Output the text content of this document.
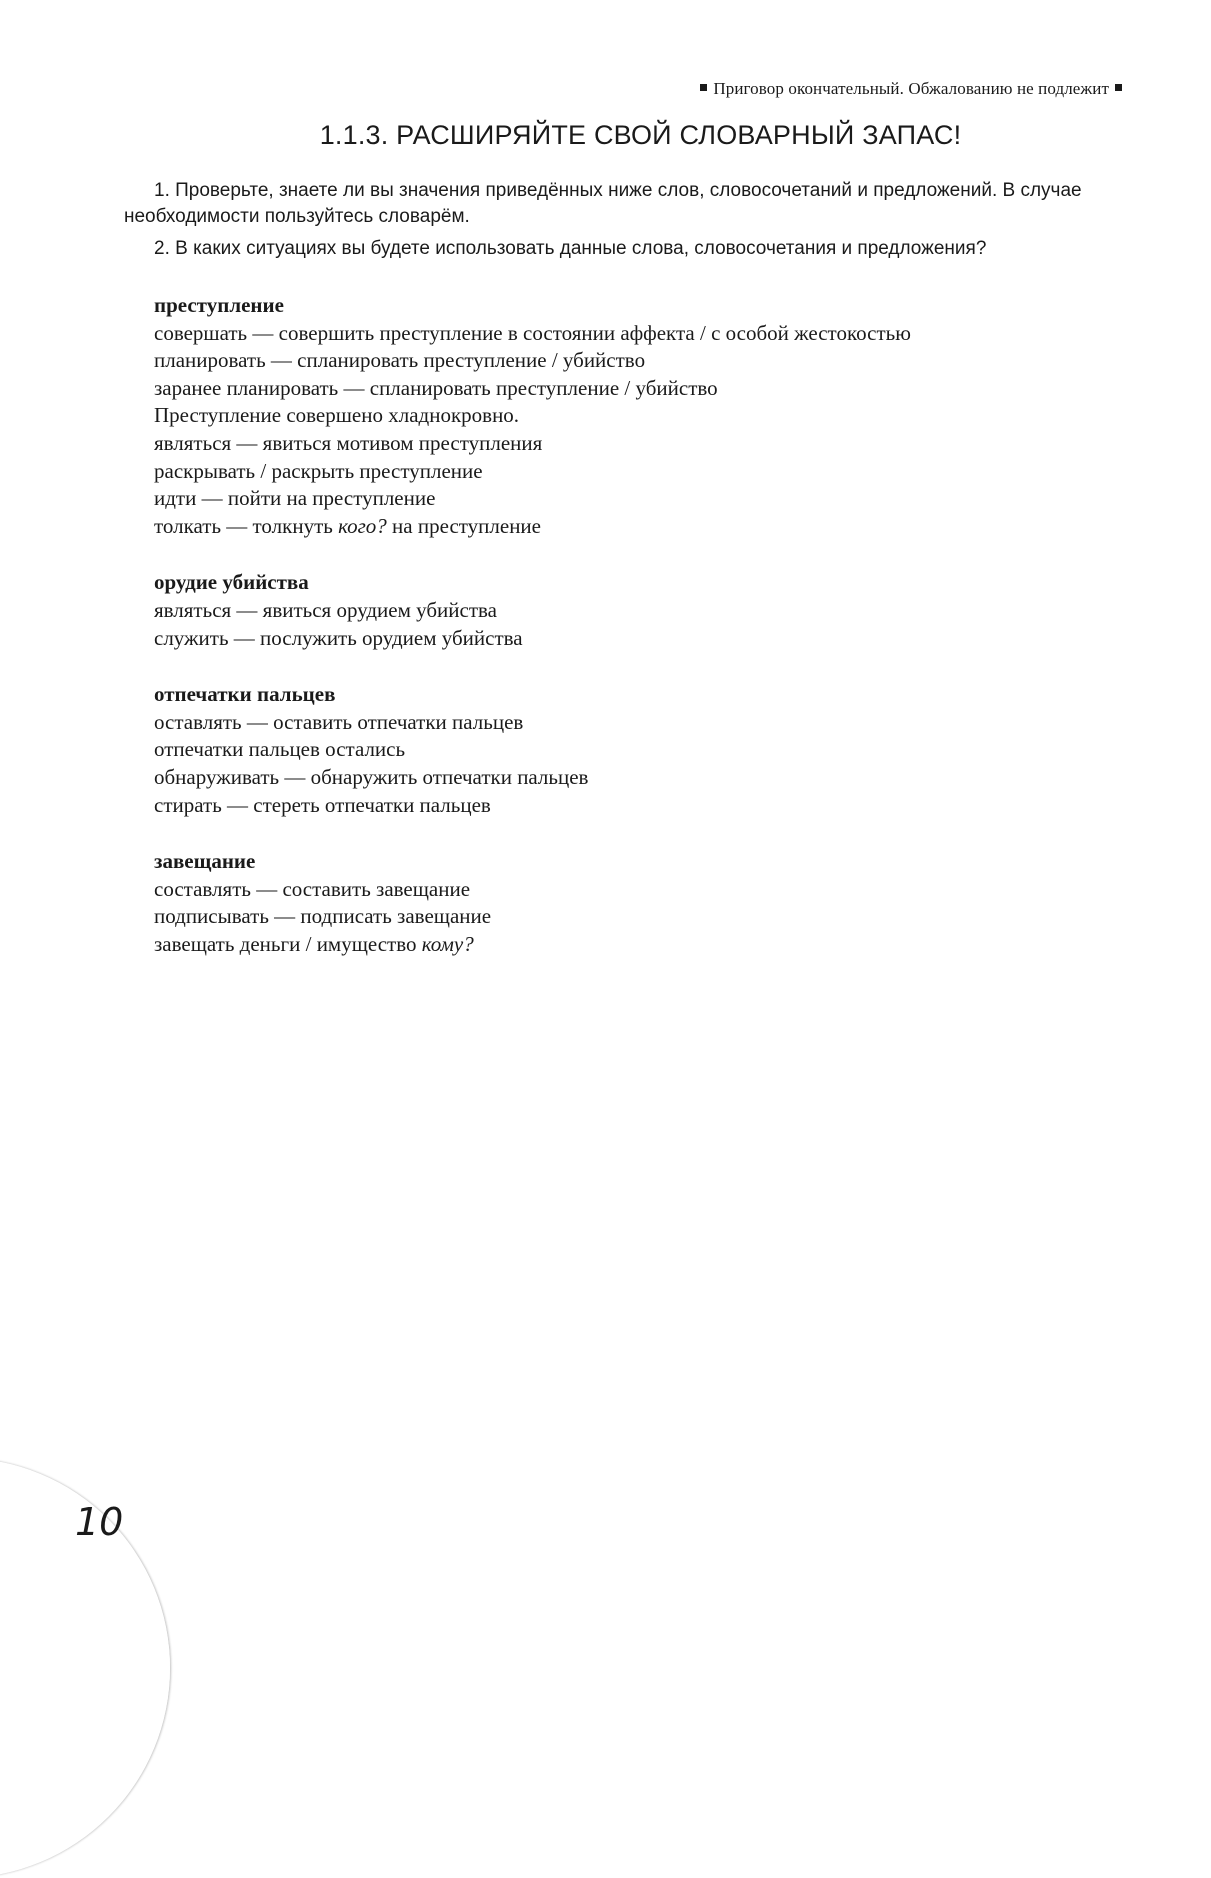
Приговор окончательный. Обжалованию не подлежит
1.1.3. РАСШИРЯЙТЕ СВОЙ СЛОВАРНЫЙ ЗАПАС!

1. Проверьте, знаете ли вы значения приведённых ниже слов, словосочетаний и предложений. В случае необходимости пользуйтесь словарём.

2. В каких ситуациях вы будете использовать данные слова, словосочетания и предложения?

преступление
совершать — совершить преступление в состоянии аффекта / с особой жестокостью
планировать — спланировать преступление / убийство
заранее планировать — спланировать преступление / убийство
Преступление совершено хладнокровно.
являться — явиться мотивом преступления
раскрывать / раскрыть преступление
идти — пойти на преступление
толкать — толкнуть кого? на преступление
орудие убийства
являться — явиться орудием убийства
служить — послужить орудием убийства
отпечатки пальцев
оставлять — оставить отпечатки пальцев
отпечатки пальцев остались
обнаруживать — обнаружить отпечатки пальцев
стирать — стереть отпечатки пальцев
завещание
составлять — составить завещание
подписывать — подписать завещание
завещать деньги / имущество кому?
10
